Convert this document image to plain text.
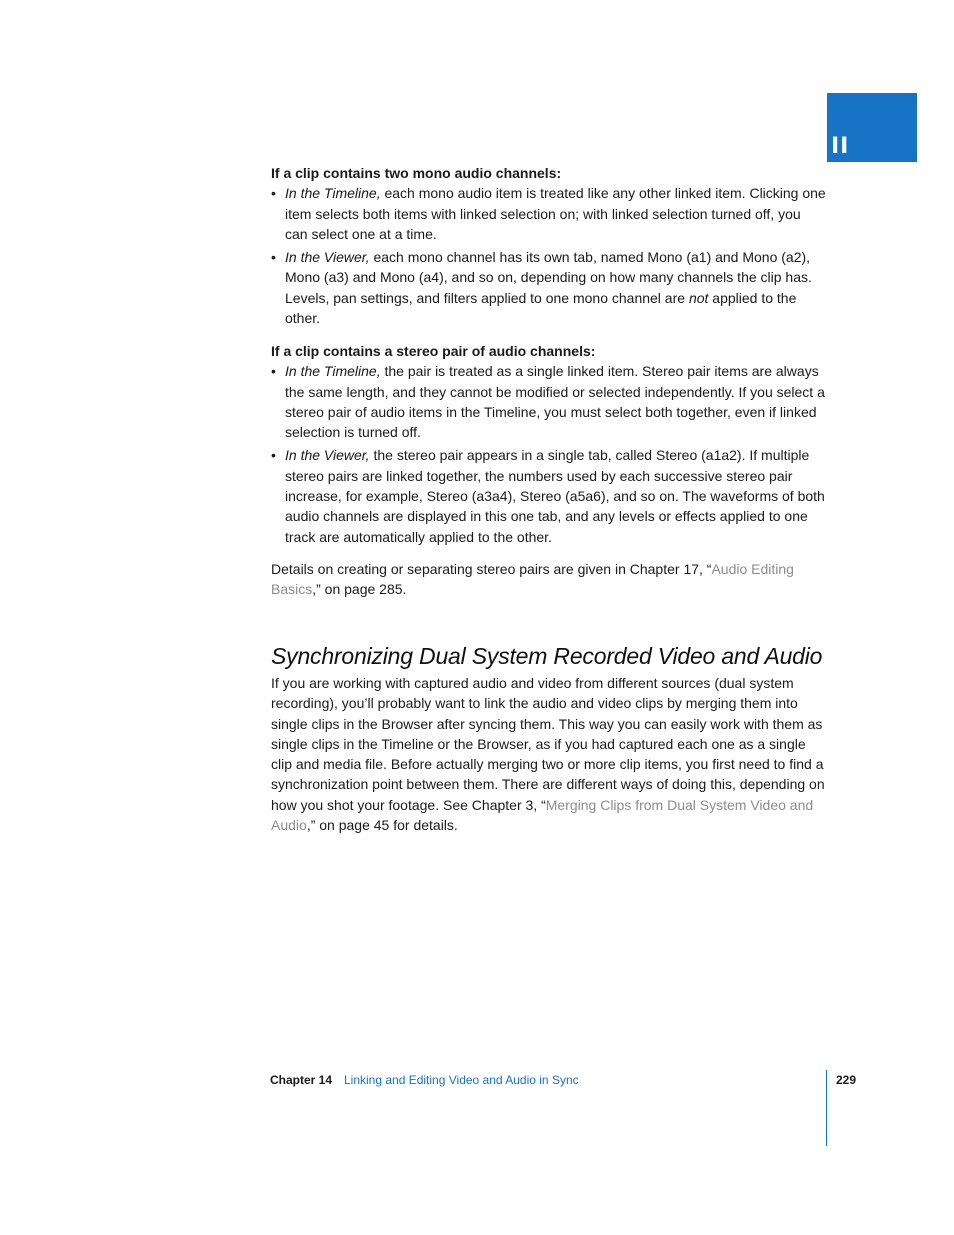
II

If a clip contains two mono audio channels:

• In the Timeline, each mono audio item is treated like any other linked item. Clicking one item selects both items with linked selection on; with linked selection turned off, you can select one at a time.
• In the Viewer, each mono channel has its own tab, named Mono (a1) and Mono (a2), Mono (a3) and Mono (a4), and so on, depending on how many channels the clip has. Levels, pan settings, and filters applied to one mono channel are not applied to the other.

If a clip contains a stereo pair of audio channels:

• In the Timeline, the pair is treated as a single linked item. Stereo pair items are always the same length, and they cannot be modified or selected independently. If you select a stereo pair of audio items in the Timeline, you must select both together, even if linked selection is turned off.
• In the Viewer, the stereo pair appears in a single tab, called Stereo (a1a2). If multiple stereo pairs are linked together, the numbers used by each successive stereo pair increase, for example, Stereo (a3a4), Stereo (a5a6), and so on. The waveforms of both audio channels are displayed in this one tab, and any levels or effects applied to one track are automatically applied to the other.

Details on creating or separating stereo pairs are given in Chapter 17, “Audio Editing Basics,” on page 285.

Synchronizing Dual System Recorded Video and Audio

If you are working with captured audio and video from different sources (dual system recording), you’ll probably want to link the audio and video clips by merging them into single clips in the Browser after syncing them. This way you can easily work with them as single clips in the Timeline or the Browser, as if you had captured each one as a single clip and media file. Before actually merging two or more clip items, you first need to find a synchronization point between them. There are different ways of doing this, depending on how you shot your footage. See Chapter 3, “Merging Clips from Dual System Video and Audio,” on page 45 for details.

Chapter 14 Linking and Editing Video and Audio in Sync	229
